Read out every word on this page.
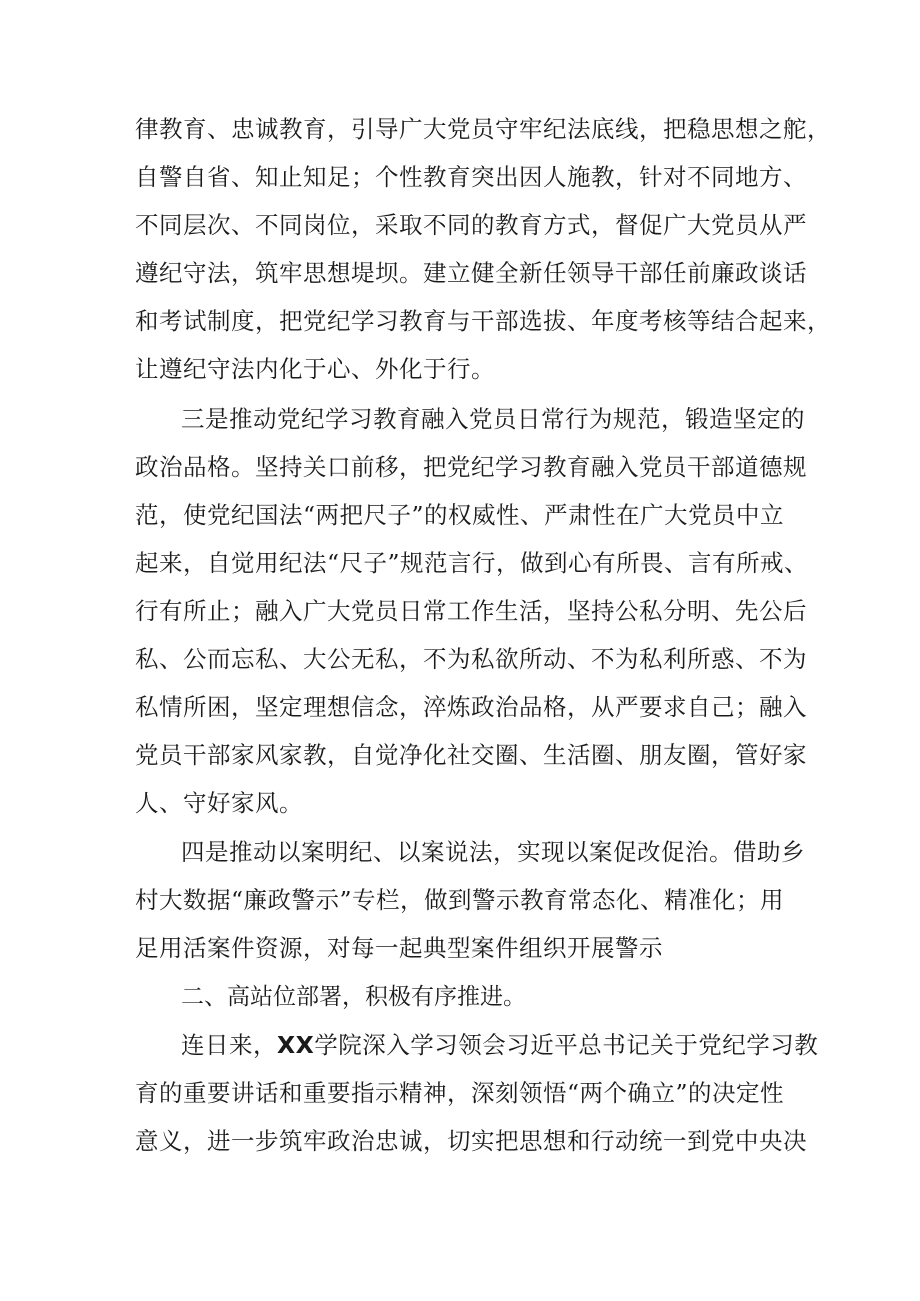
律教育、忠诚教育，引导广大党员守牢纪法底线，把稳思想之舵，
自警自省、知止知足；个性教育突出因人施教，针对不同地方、
不同层次、不同岗位，采取不同的教育方式，督促广大党员从严
遵纪守法，筑牢思想堤坝。建立健全新任领导干部任前廉政谈话
和考试制度，把党纪学习教育与干部选拔、年度考核等结合起来，
让遵纪守法内化于心、外化于行。
三是推动党纪学习教育融入党员日常行为规范，锻造坚定的
政治品格。坚持关口前移，把党纪学习教育融入党员干部道德规
范，使党纪国法“两把尺子”的权威性、严肃性在广大党员中立
起来，自觉用纪法“尺子”规范言行，做到心有所畏、言有所戒、
行有所止；融入广大党员日常工作生活，坚持公私分明、先公后
私、公而忘私、大公无私，不为私欲所动、不为私利所惑、不为
私情所困，坚定理想信念，淬炼政治品格，从严要求自己；融入
党员干部家风家教，自觉净化社交圈、生活圈、朋友圈，管好家
人、守好家风。
四是推动以案明纪、以案说法，实现以案促改促治。借助乡
村大数据“廉政警示”专栏，做到警示教育常态化、精准化；用
足用活案件资源，对每一起典型案件组织开展警示
二、高站位部署，积极有序推进。
连日来，XX学院深入学习领会习近平总书记关于党纪学习教
育的重要讲话和重要指示精神，深刻领悟“两个确立”的决定性
意义，进一步筑牢政治忠诚，切实把思想和行动统一到党中央决
